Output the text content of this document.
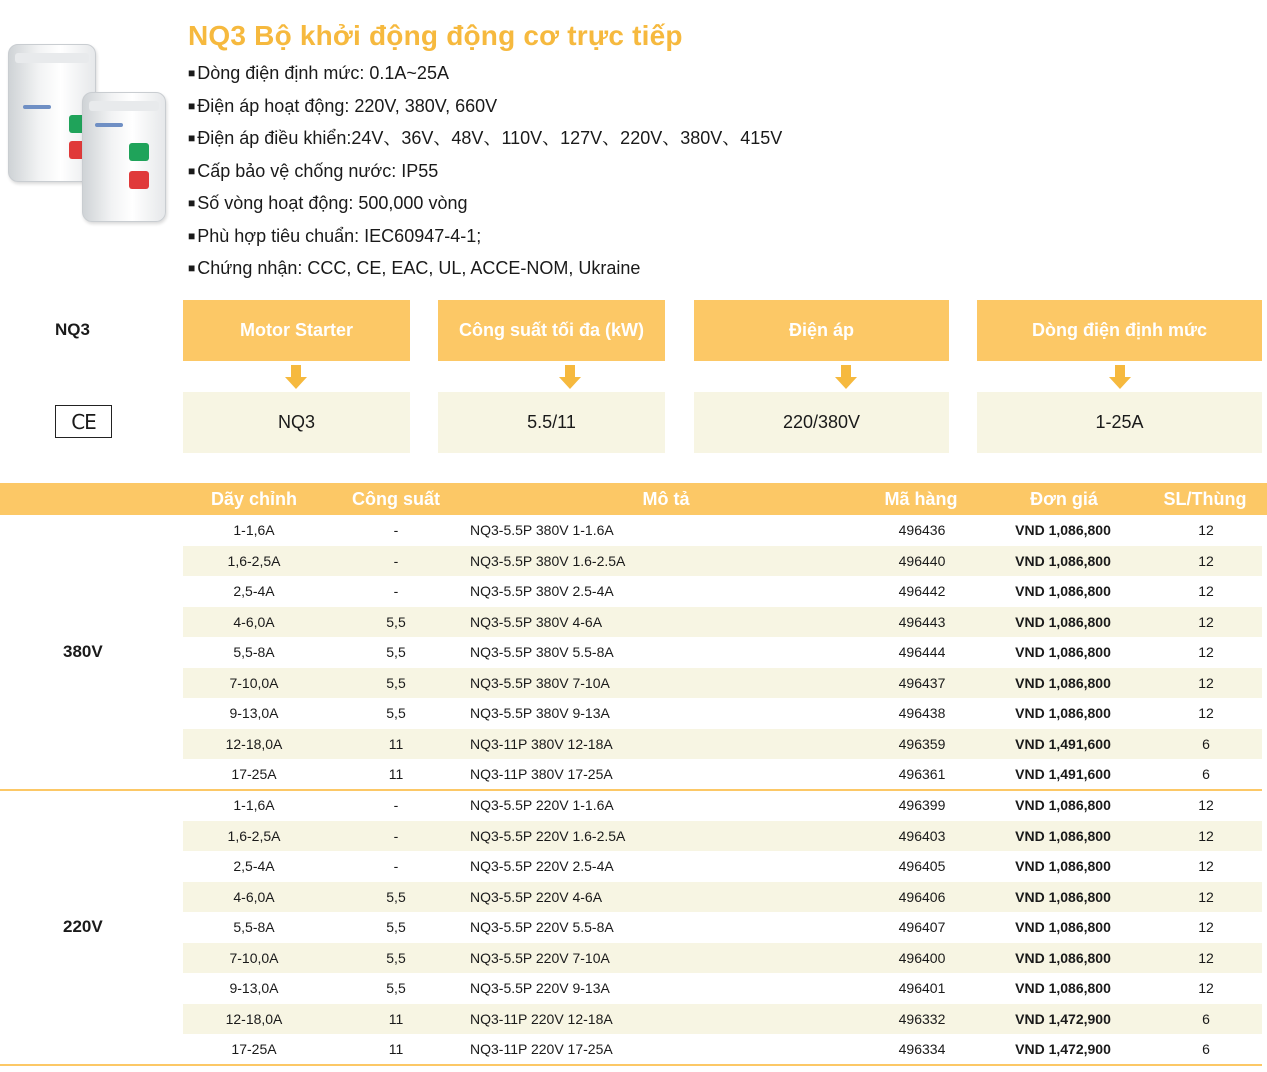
NQ3 Bộ khởi động động cơ trực tiếp
■ Dòng điện định mức: 0.1A~25A
■ Điện áp hoạt động: 220V, 380V, 660V
■ Điện áp điều khiển:24V、36V、48V、110V、127V、220V、380V、415V
■ Cấp bảo vệ chống nước: IP55
■ Số vòng hoạt động: 500,000 vòng
■ Phù hợp tiêu chuẩn: IEC60947-4-1;
■ Chứng nhận: CCC, CE, EAC, UL, ACCE-NOM, Ukraine
NQ3
CE
Motor Starter	Công suất tối đa (kW)	Điện áp	Dòng điện định mức
NQ3	5.5/11	220/380V	1-25A
Dãy chỉnh	Công suất	Mô tả	Mã hàng	Đơn giá	SL/Thùng
380V
1-1,6A	-	NQ3-5.5P 380V 1-1.6A	496436	VND 1,086,800	12
1,6-2,5A	-	NQ3-5.5P 380V 1.6-2.5A	496440	VND 1,086,800	12
2,5-4A	-	NQ3-5.5P 380V 2.5-4A	496442	VND 1,086,800	12
4-6,0A	5,5	NQ3-5.5P 380V 4-6A	496443	VND 1,086,800	12
5,5-8A	5,5	NQ3-5.5P 380V 5.5-8A	496444	VND 1,086,800	12
7-10,0A	5,5	NQ3-5.5P 380V 7-10A	496437	VND 1,086,800	12
9-13,0A	5,5	NQ3-5.5P 380V 9-13A	496438	VND 1,086,800	12
12-18,0A	11	NQ3-11P 380V 12-18A	496359	VND 1,491,600	6
17-25A	11	NQ3-11P 380V 17-25A	496361	VND 1,491,600	6
220V
1-1,6A	-	NQ3-5.5P 220V 1-1.6A	496399	VND 1,086,800	12
1,6-2,5A	-	NQ3-5.5P 220V 1.6-2.5A	496403	VND 1,086,800	12
2,5-4A	-	NQ3-5.5P 220V 2.5-4A	496405	VND 1,086,800	12
4-6,0A	5,5	NQ3-5.5P 220V 4-6A	496406	VND 1,086,800	12
5,5-8A	5,5	NQ3-5.5P 220V 5.5-8A	496407	VND 1,086,800	12
7-10,0A	5,5	NQ3-5.5P 220V 7-10A	496400	VND 1,086,800	12
9-13,0A	5,5	NQ3-5.5P 220V 9-13A	496401	VND 1,086,800	12
12-18,0A	11	NQ3-11P 220V 12-18A	496332	VND 1,472,900	6
17-25A	11	NQ3-11P 220V 17-25A	496334	VND 1,472,900	6
